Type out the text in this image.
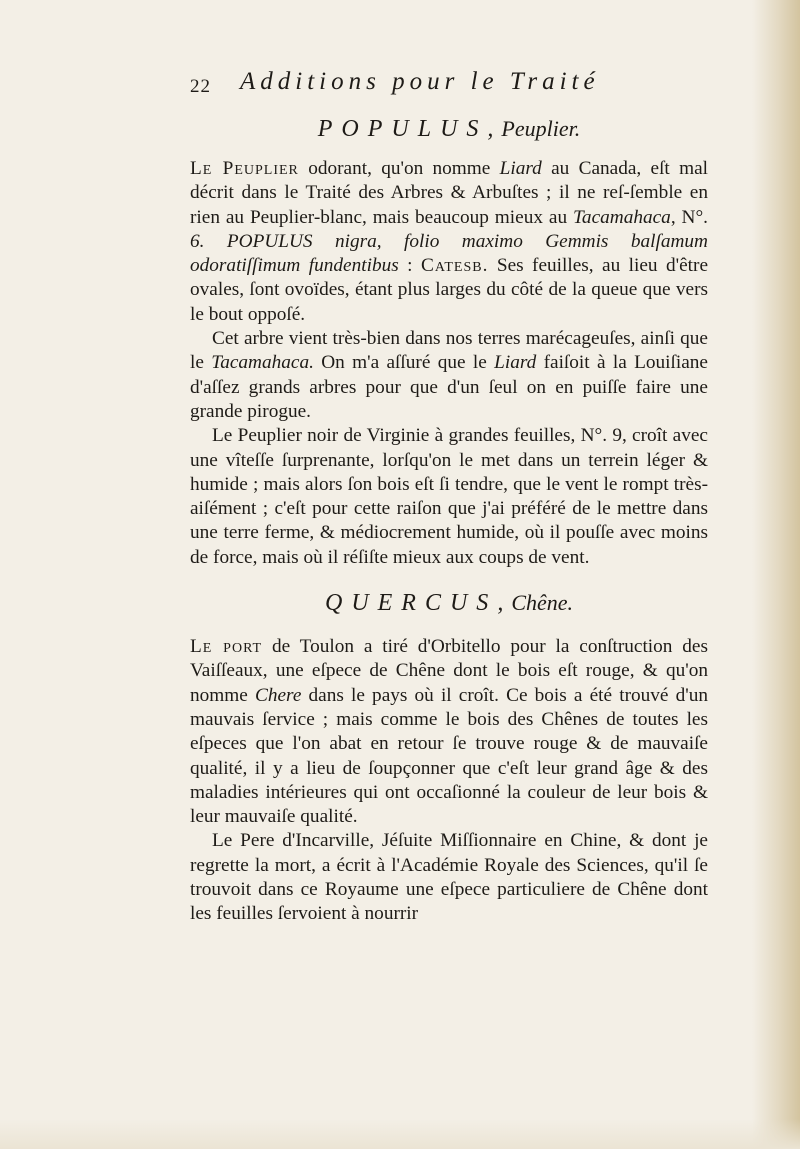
22 Additions pour le Traité
POPULUS, Peuplier.

Le Peuplier odorant, qu'on nomme Liard au Canada, eſt mal décrit dans le Traité des Arbres & Arbuſtes ; il ne reſ-ſemble en rien au Peuplier-blanc, mais beaucoup mieux au Tacamahaca, N°. 6. POPULUS nigra, folio maximo Gemmis balſamum odoratiſſimum fundentibus : Catesb. Ses feuilles, au lieu d'être ovales, ſont ovoïdes, étant plus larges du côté de la queue que vers le bout oppoſé.

Cet arbre vient très-bien dans nos terres marécageuſes, ainſi que le Tacamahaca. On m'a aſſuré que le Liard faiſoit à la Louiſiane d'aſſez grands arbres pour que d'un ſeul on en puiſſe faire une grande pirogue.

Le Peuplier noir de Virginie à grandes feuilles, N°. 9, croît avec une vîteſſe ſurprenante, lorſqu'on le met dans un terrein léger & humide ; mais alors ſon bois eſt ſi tendre, que le vent le rompt très-aiſément ; c'eſt pour cette raiſon que j'ai préféré de le mettre dans une terre ferme, & médiocrement humide, où il pouſſe avec moins de force, mais où il réſiſte mieux aux coups de vent.

QUERCUS, Chêne.

Le port de Toulon a tiré d'Orbitello pour la conſtruction des Vaiſſeaux, une eſpece de Chêne dont le bois eſt rouge, & qu'on nomme Chere dans le pays où il croît. Ce bois a été trouvé d'un mauvais ſervice ; mais comme le bois des Chênes de toutes les eſpeces que l'on abat en retour ſe trouve rouge & de mauvaiſe qualité, il y a lieu de ſoupçonner que c'eſt leur grand âge & des maladies intérieures qui ont occaſionné la couleur de leur bois & leur mauvaiſe qualité.

Le Pere d'Incarville, Jéſuite Miſſionnaire en Chine, & dont je regrette la mort, a écrit à l'Académie Royale des Sciences, qu'il ſe trouvoit dans ce Royaume une eſpece particuliere de Chêne dont les feuilles ſervoient à nourrir
